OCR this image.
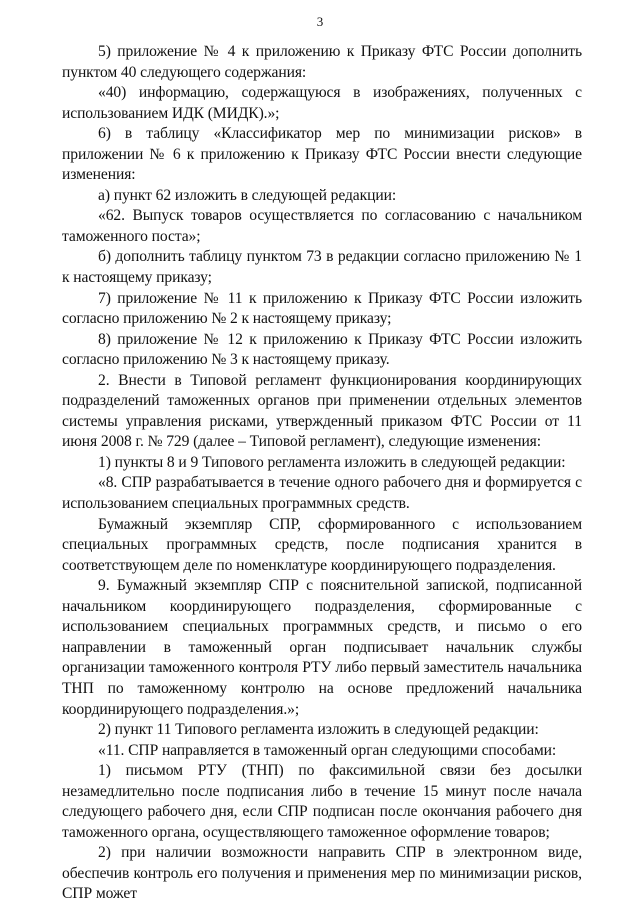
3

5) приложение № 4 к приложению к Приказу ФТС России дополнить пунктом 40 следующего содержания:

«40) информацию, содержащуюся в изображениях, полученных с использованием ИДК (МИДК).»;

6) в таблицу «Классификатор мер по минимизации рисков» в приложении № 6 к приложению к Приказу ФТС России внести следующие изменения:

а) пункт 62 изложить в следующей редакции:

«62. Выпуск товаров осуществляется по согласованию с начальником таможенного поста»;

б) дополнить таблицу пунктом 73 в редакции согласно приложению № 1 к настоящему приказу;

7) приложение № 11 к приложению к Приказу ФТС России изложить согласно приложению № 2 к настоящему приказу;

8) приложение № 12 к приложению к Приказу ФТС России изложить согласно приложению № 3 к настоящему приказу.

2. Внести в Типовой регламент функционирования координирующих подразделений таможенных органов при применении отдельных элементов системы управления рисками, утвержденный приказом ФТС России от 11 июня 2008 г. № 729 (далее – Типовой регламент), следующие изменения:

1) пункты 8 и 9 Типового регламента изложить в следующей редакции:

«8. СПР разрабатывается в течение одного рабочего дня и формируется с использованием специальных программных средств.

Бумажный экземпляр СПР, сформированного с использованием специальных программных средств, после подписания хранится в соответствующем деле по номенклатуре координирующего подразделения.

9. Бумажный экземпляр СПР с пояснительной запиской, подписанной начальником координирующего подразделения, сформированные с использованием специальных программных средств, и письмо о его направлении в таможенный орган подписывает начальник службы организации таможенного контроля РТУ либо первый заместитель начальника ТНП по таможенному контролю на основе предложений начальника координирующего подразделения.»;

2) пункт 11 Типового регламента изложить в следующей редакции:

«11. СПР направляется в таможенный орган следующими способами:

1) письмом РТУ (ТНП) по факсимильной связи без досылки незамедлительно после подписания либо в течение 15 минут после начала следующего рабочего дня, если СПР подписан после окончания рабочего дня таможенного органа, осуществляющего таможенное оформление товаров;

2) при наличии возможности направить СПР в электронном виде, обеспечив контроль его получения и применения мер по минимизации рисков, СПР может
